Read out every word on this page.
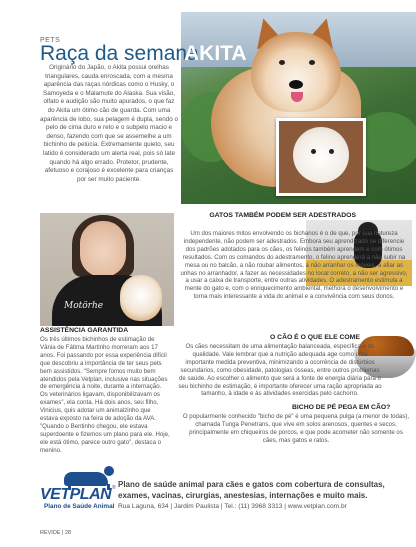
PETS
Raça da semana
AKITA
Originário do Japão, o Akita possui orelhas triangulares, cauda enroscada, com a mesma aparência das raças nórdicas como o Husky, o Samoyeda e o Malamute do Alaska. Sua visão, olfato e audição são muito apurados, o que faz do Akita um ótimo cão de guarda. Com uma aparência de lobo, sua pelagem é dupla, sendo o pelo de cima duro e reto e o subpelo macio e denso, fazendo com que se assemelhe a um bichinho de pelúcia. Extremamente quieto, seu latido é considerado um alerta real, pois só late quando há algo errado. Protetor, prudente, afetuoso e corajoso é excelente para crianças por ser muito paciente.
Motörhe
ASSISTÊNCIA GARANTIDA
Os três últimos bichinhos de estimação de Vânia de Fátima Martinho morreram aos 17 anos. Foi passando por essa experiência difícil que descobriu a importância de ter seus pets bem assistidos. "Sempre fomos muito bem atendidos pela Vetplan, inclusive nas situações de emergência à noite, durante a internação. Os veterinários ligavam, disponibilizavam os exames", ela conta. Há dois anos, seu filho, Vinicius, quis adotar um animalzinho que estava exposto na feira de adoção da AVA. "Quando o Bentinho chegou, ele estava superdoente e fizemos um plano para ele. Hoje, ele está ótimo, parece outro gato", destaca o menino.
GATOS TAMBÉM PODEM SER ADESTRADOS
Um dos maiores mitos envolvendo os bichanos é o de que, por sua natureza independente, não podem ser adestrados. Embora seu aprendizado se diferencie dos padrões adotados para os cães, os felinos também aprendem e com ótimos resultados. Com os comandos do adestramento, o felino aprenderá a não subir na mesa ou no balcão, a não roubar alimentos, a não arranhar os móveis, a afiar as unhas no arranhador, a fazer as necessidades no local correto, a não ser agressivo, a usar a caixa de transporte, entre outras atividades. O adestramento estimula a mente do gato e, com o enriquecimento ambiental, melhora o desenvolvimento e torna mais interessante a vida do animal e a convivência com seus donos.
O CÃO É O QUE ELE COME
Os cães necessitam de uma alimentação balanceada, específica e de qualidade. Vale lembrar que a nutrição adequada age como uma importante medida preventiva, minimizando a ocorrência de distúrbios secundários, como obesidade, patologias ósseas, entre outros problemas de saúde. Ao escolher o alimento que será a fonte de energia diária para o seu bichinho de estimação, é importante oferecer uma ração apropriada ao tamanho, à idade e às atividades exercidas pelo cachorro.
BICHO DE PÉ PEGA EM CÃO?
O popularmente conhecido "bicho de pé" é uma pequena pulga (a menor de todas), chamada Tunga Penetrans, que vive em solos arenosos, quentes e secos, principalmente em chiqueiros de porcos, e que pode acometer não somente os cães, mas gatos e ratos.
VETPLAN ®
Plano de Saúde Animal
Plano de saúde animal para cães e gatos com cobertura de consultas,
exames, vacinas, cirurgias, anestesias, internações e muito mais.
Rua Laguna, 634 | Jardim Paulista | Tel.: (11) 3968 3313 | www.vetplan.com.br
REVIDE | 28
